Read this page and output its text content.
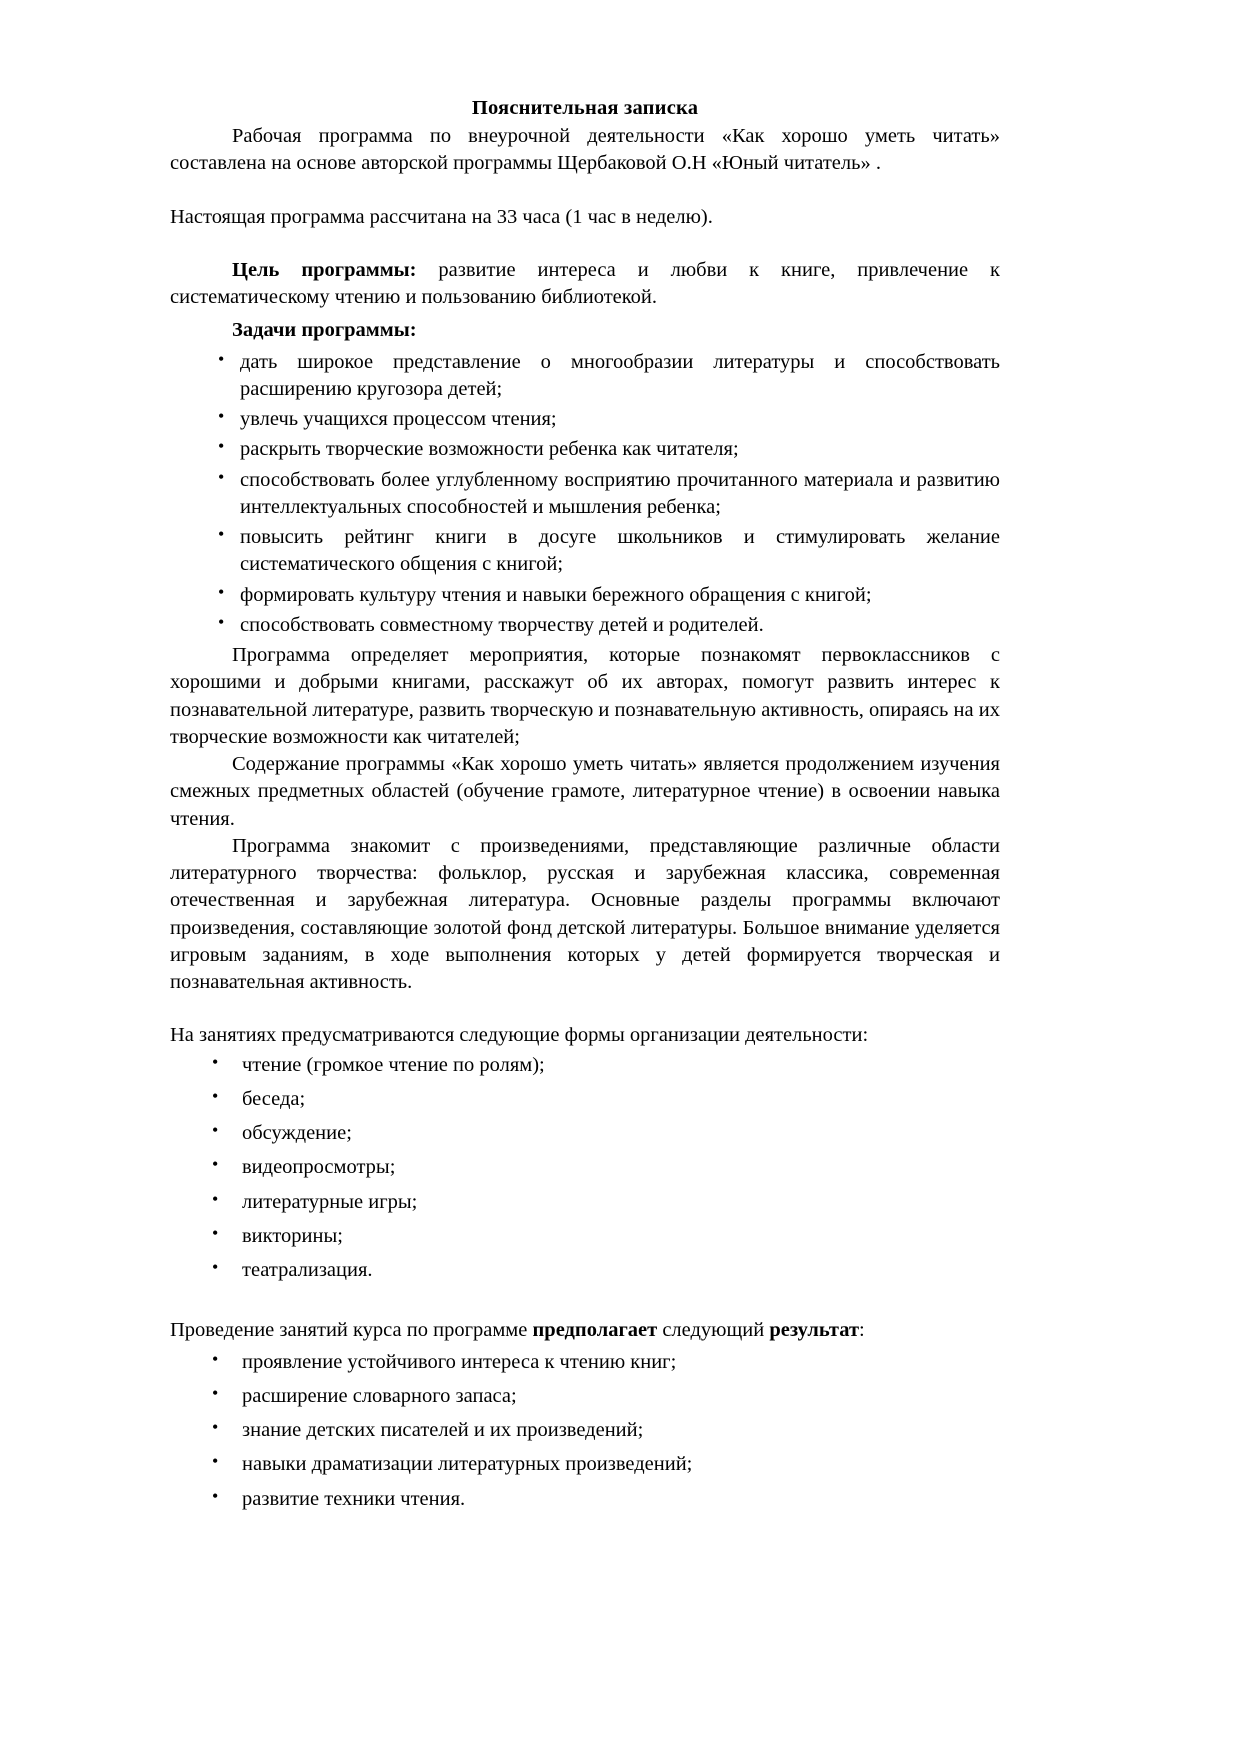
Пояснительная записка

Рабочая программа по внеурочной деятельности «Как хорошо уметь читать» составлена на основе авторской программы Щербаковой О.Н «Юный читатель» .

Настоящая программа рассчитана на 33 часа (1 час в неделю).

Цель программы: развитие интереса и любви к книге, привлечение к систематическому чтению и пользованию библиотекой.

Задачи программы:

• дать широкое представление о многообразии литературы и способствовать расширению кругозора детей;
• увлечь учащихся процессом чтения;
• раскрыть творческие возможности ребенка как читателя;
• способствовать более углубленному восприятию прочитанного материала и развитию интеллектуальных способностей и мышления ребенка;
• повысить рейтинг книги в досуге школьников и стимулировать желание систематического общения с книгой;
• формировать культуру чтения и навыки бережного обращения с книгой;
• способствовать совместному творчеству детей и родителей.

Программа определяет мероприятия, которые познакомят первоклассников с хорошими и добрыми книгами, расскажут об их авторах, помогут развить интерес к познавательной литературе, развить творческую и познавательную активность, опираясь на их творческие возможности как читателей;

Содержание программы «Как хорошо уметь читать» является продолжением изучения смежных предметных областей (обучение грамоте, литературное чтение) в освоении навыка чтения.

Программа знакомит с произведениями, представляющие различные области литературного творчества: фольклор, русская и зарубежная классика, современная отечественная и зарубежная литература. Основные разделы программы включают произведения, составляющие золотой фонд детской литературы. Большое внимание уделяется игровым заданиям, в ходе выполнения которых у детей формируется творческая и познавательная активность.

На занятиях предусматриваются следующие формы организации деятельности:

• чтение (громкое чтение по ролям);
• беседа;
• обсуждение;
• видеопросмотры;
• литературные игры;
• викторины;
• театрализация.

Проведение занятий курса по программе предполагает следующий результат:

• проявление устойчивого интереса к чтению книг;
• расширение словарного запаса;
• знание детских писателей и их произведений;
• навыки драматизации литературных произведений;
• развитие техники чтения.
